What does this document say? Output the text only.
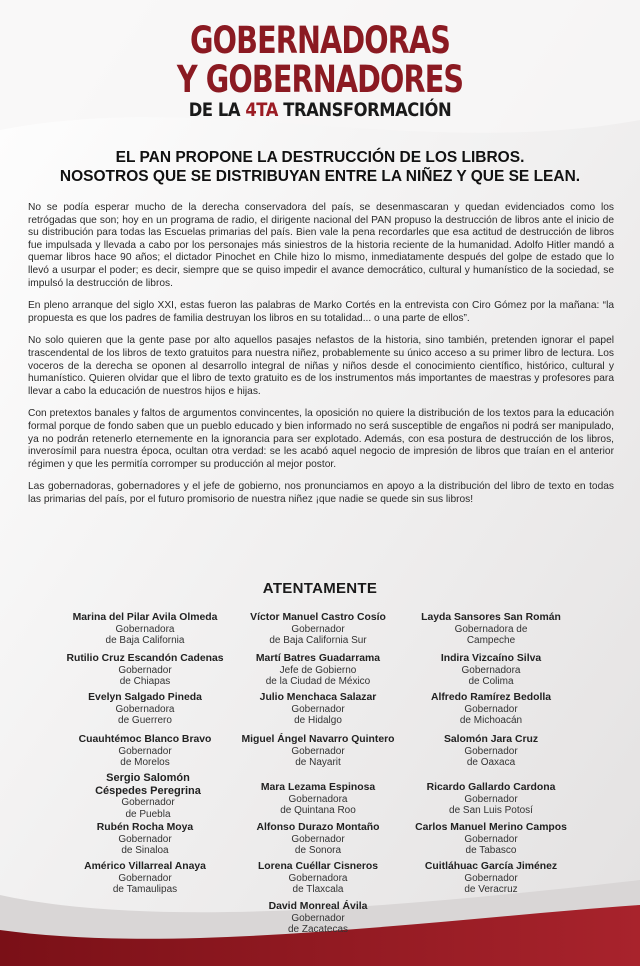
GOBERNADORAS
Y GOBERNADORES
DE LA 4TA TRANSFORMACIÓN
EL PAN PROPONE LA DESTRUCCIÓN DE LOS LIBROS.
NOSOTROS QUE SE DISTRIBUYAN ENTRE LA NIÑEZ Y QUE SE LEAN.

No se podía esperar mucho de la derecha conservadora del país, se desenmascaran y quedan evidenciados como los retrógadas que son; hoy en un programa de radio, el dirigente nacional del PAN propuso la destrucción de libros ante el inicio de su distribución para todas las Escuelas primarias del país. Bien vale la pena recordarles que esa actitud de destrucción de libros fue impulsada y llevada a cabo por los personajes más siniestros de la historia reciente de la humanidad. Adolfo Hitler mandó a quemar libros hace 90 años; el dictador Pinochet en Chile hizo lo mismo, inmediatamente después del golpe de estado que lo llevó a usurpar el poder; es decir, siempre que se quiso impedir el avance democrático, cultural y humanístico de la sociedad, se impulsó la destrucción de libros.

En pleno arranque del siglo XXI, estas fueron las palabras de Marko Cortés en la entrevista con Ciro Gómez por la mañana: “la propuesta es que los padres de familia destruyan los libros en su totalidad... o una parte de ellos”.

No solo quieren que la gente pase por alto aquellos pasajes nefastos de la historia, sino también, pretenden ignorar el papel trascendental de los libros de texto gratuitos para nuestra niñez, probablemente su único acceso a su primer libro de lectura. Los voceros de la derecha se oponen al desarrollo integral de niñas y niños desde el conocimiento científico, histórico, cultural y humanístico. Quieren olvidar que el libro de texto gratuito es de los instrumentos más importantes de maestras y profesores para llevar a cabo la educación de nuestros hijos e hijas.

Con pretextos banales y faltos de argumentos convincentes, la oposición no quiere la distribución de los textos para la educación formal porque de fondo saben que un pueblo educado y bien informado no será susceptible de engaños ni podrá ser manipulado, ya no podrán retenerlo eternemente en la ignorancia para ser explotado. Además, con esa postura de destrucción de los libros, inverosímil para nuestra época, ocultan otra verdad: se les acabó aquel negocio de impresión de libros que traían en el anterior régimen y que les permitía corromper su producción al mejor postor.

Las gobernadoras, gobernadores y el jefe de gobierno, nos pronunciamos en apoyo a la distribución del libro de texto en todas las primarias del país, por el futuro promisorio de nuestra niñez ¡que nadie se quede sin sus libros!

ATENTAMENTE
Marina del Pilar Avila Olmeda
Gobernadora
de Baja California
Víctor Manuel Castro Cosío
Gobernador
de Baja California Sur
Layda Sansores San Román
Gobernadora de
Campeche
Rutilio Cruz Escandón Cadenas
Gobernador
de Chiapas
Martí Batres Guadarrama
Jefe de Gobierno
de la Ciudad de México
Indira Vizcaíno Silva
Gobernadora
de Colima
Evelyn Salgado Pineda
Gobernadora
de Guerrero
Julio Menchaca Salazar
Gobernador
de Hidalgo
Alfredo Ramírez Bedolla
Gobernador
de Michoacán
Cuauhtémoc Blanco Bravo
Gobernador
de Morelos
Miguel Ángel Navarro Quintero
Gobernador
de Nayarit
Salomón Jara Cruz
Gobernador
de Oaxaca
Sergio Salomón Céspedes Peregrina
Gobernador
de Puebla
Mara Lezama Espinosa
Gobernadora
de Quintana Roo
Ricardo Gallardo Cardona
Gobernador
de San Luis Potosí
Rubén Rocha Moya
Gobernador
de Sinaloa
Alfonso Durazo Montaño
Gobernador
de Sonora
Carlos Manuel Merino Campos
Gobernador
de Tabasco
Américo Villarreal Anaya
Gobernador
de Tamaulipas
Lorena Cuéllar Cisneros
Gobernadora
de Tlaxcala
Cuitláhuac García Jiménez
Gobernador
de Veracruz
David Monreal Ávila
Gobernador
de Zacatecas
